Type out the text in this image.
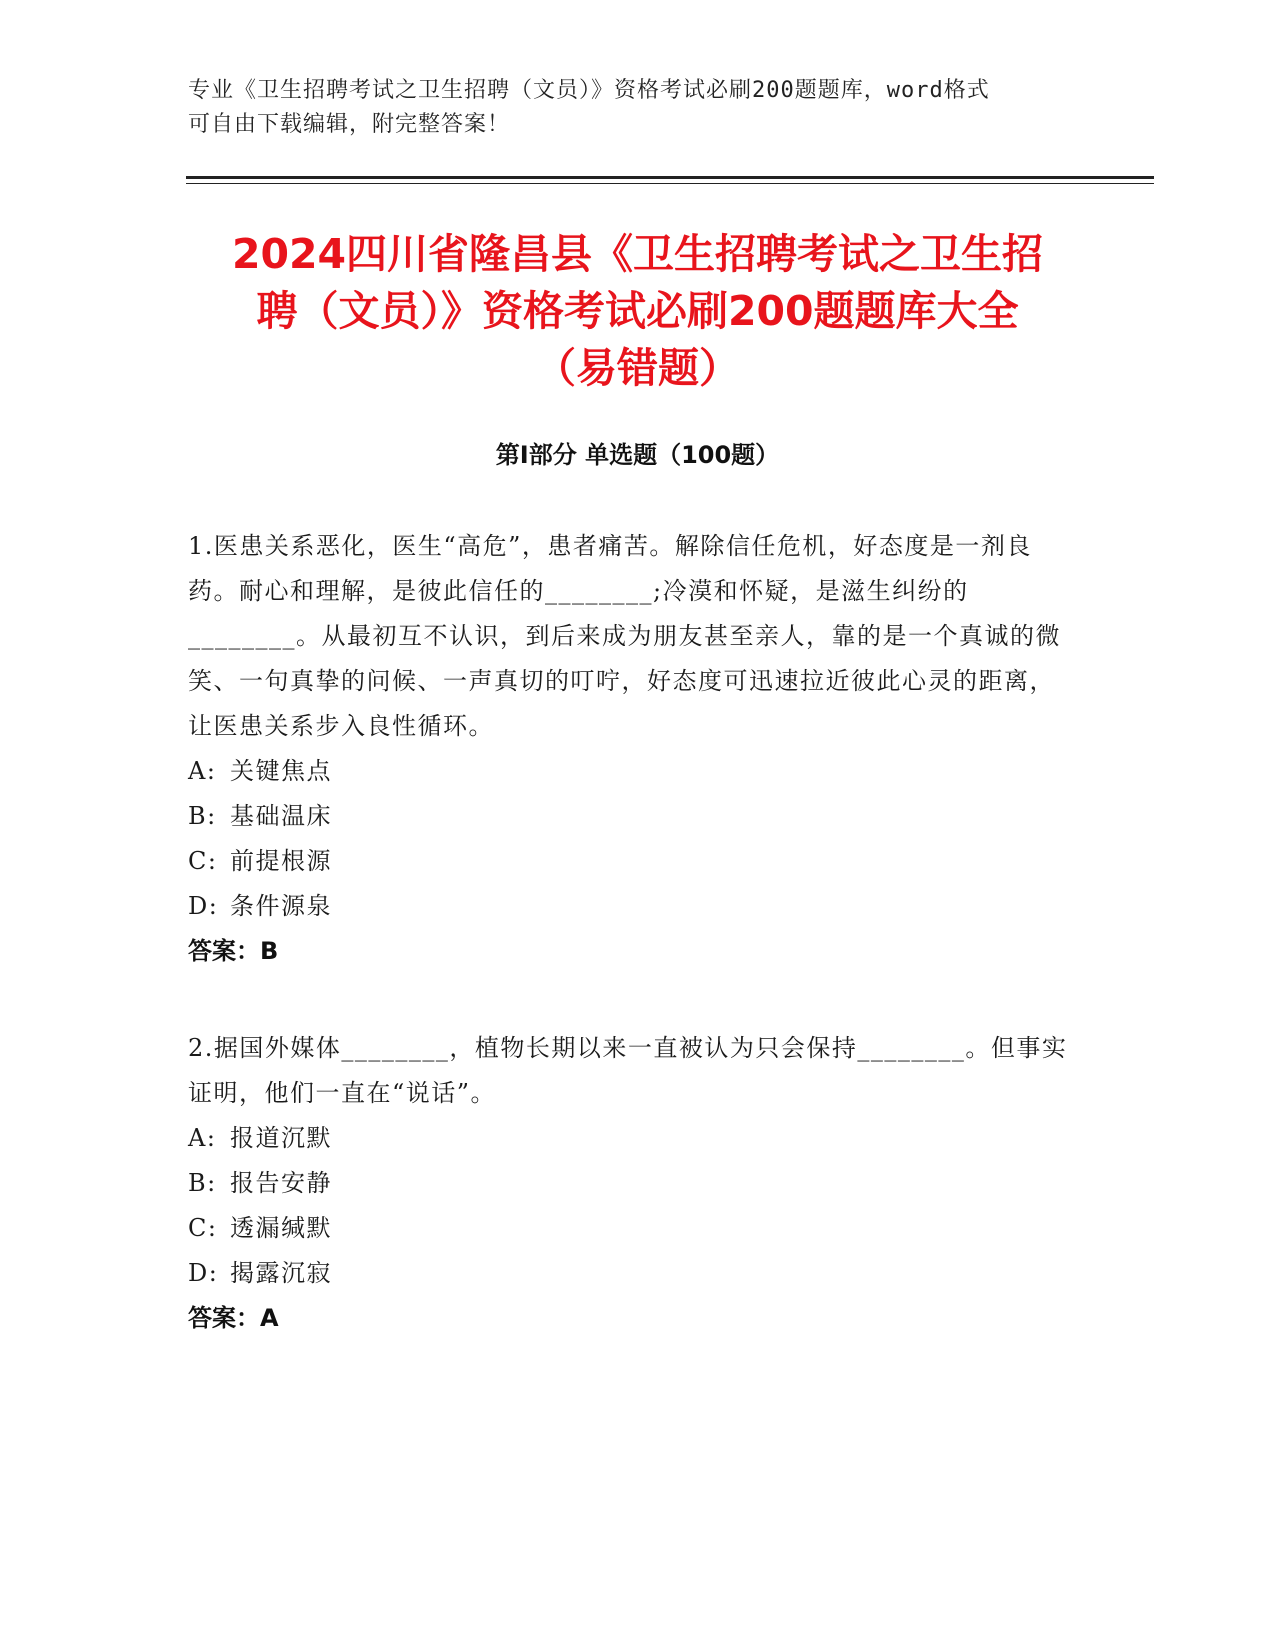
专业《卫生招聘考试之卫生招聘（文员）》资格考试必刷200题题库，word格式
可自由下载编辑，附完整答案！
2024四川省隆昌县《卫生招聘考试之卫生招
聘（文员）》资格考试必刷200题题库大全
（易错题）
第Ⅰ部分 单选题（100题）

1.医患关系恶化，医生“高危”，患者痛苦。解除信任危机，好态度是一剂良药。耐心和理解，是彼此信任的________;冷漠和怀疑，是滋生纠纷的________。从最初互不认识，到后来成为朋友甚至亲人，靠的是一个真诚的微笑、一句真挚的问候、一声真切的叮咛，好态度可迅速拉近彼此心灵的距离，让医患关系步入良性循环。

A: 关键焦点

B: 基础温床

C: 前提根源

D: 条件源泉

答案：B

2.据国外媒体________，植物长期以来一直被认为只会保持________。但事实证明，他们一直在“说话”。

A: 报道沉默

B: 报告安静

C: 透漏缄默

D: 揭露沉寂

答案：A
